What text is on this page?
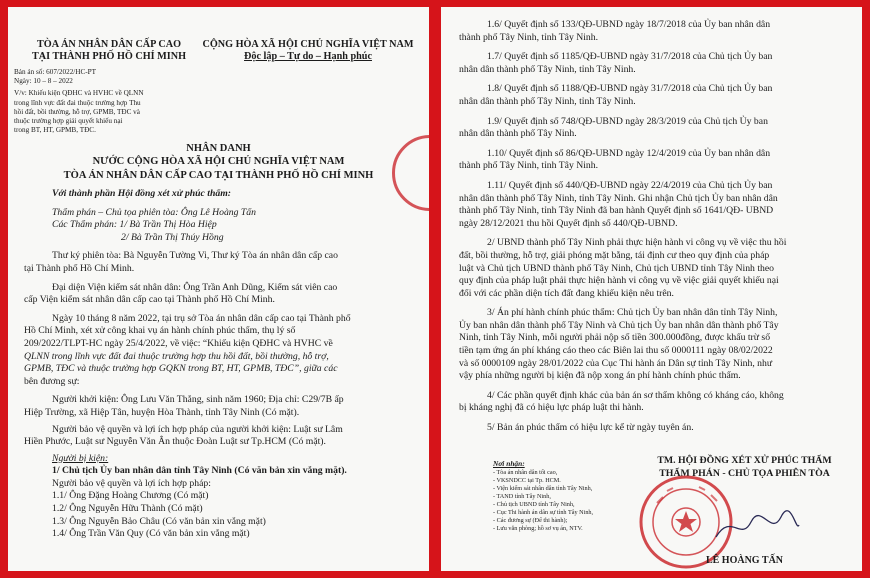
TÒA ÁN NHÂN DÂN CẤP CAO
TẠI THÀNH PHỐ HỒ CHÍ MINH
CỘNG HÒA XÃ HỘI CHỦ NGHĨA VIỆT NAM
Độc lập – Tự do – Hạnh phúc
Bản án số: 607/2022/HC-PT
Ngày: 10 – 8 – 2022
V/v: Khiếu kiện QĐHC và HVHC về QLNN
trong lĩnh vực đất đai thuộc trường hợp Thu
hồi đất, bồi thường, hỗ trợ, GPMB, TĐC và
thuộc trường hợp giải quyết khiếu nại
trong BT, HT, GPMB, TĐC.
NHÂN DANH
NƯỚC CỘNG HÒA XÃ HỘI CHỦ NGHĨA VIỆT NAM
TÒA ÁN NHÂN DÂN CẤP CAO TẠI THÀNH PHỐ HỒ CHÍ MINH
Với thành phần Hội đồng xét xử phúc thẩm:
Thẩm phán – Chủ tọa phiên tòa: Ông Lê Hoàng Tấn
Các Thẩm phán: 1/ Bà Trần Thị Hòa Hiệp
2/ Bà Trần Thị Thúy Hồng
Thư ký phiên tòa: Bà Nguyễn Tường Vi, Thư ký Tòa án nhân dân cấp cao
tại Thành phố Hồ Chí Minh.
Đại diện Viện kiểm sát nhân dân: Ông Trần Anh Dũng, Kiểm sát viên cao
cấp Viện kiểm sát nhân dân cấp cao tại Thành phố Hồ Chí Minh.
Ngày 10 tháng 8 năm 2022, tại trụ sở Tòa án nhân dân cấp cao tại Thành phố
Hồ Chí Minh, xét xử công khai vụ án hành chính phúc thẩm, thụ lý số
209/2022/TLPT-HC ngày 25/4/2022, về việc: “Khiếu kiện QĐHC và HVHC về
QLNN trong lĩnh vực đất đai thuộc trường hợp thu hồi đất, bồi thường, hỗ trợ,
GPMB, TĐC và thuộc trường hợp GQKN trong BT, HT, GPMB, TĐC”, giữa các
bên đương sự:
Người khởi kiện: Ông Lưu Văn Thắng, sinh năm 1960; Địa chỉ: C29/7B ấp
Hiệp Trường, xã Hiệp Tân, huyện Hòa Thành, tỉnh Tây Ninh (Có mặt).
Người bảo vệ quyền và lợi ích hợp pháp của người khởi kiện: Luật sư Lâm
Hiền Phước, Luật sư Nguyễn Văn Ân thuộc Đoàn Luật sư Tp.HCM (Có mặt).
Người bị kiện:
1/ Chủ tịch Ủy ban nhân dân tỉnh Tây Ninh (Có văn bản xin vắng mặt).
Người bảo vệ quyền và lợi ích hợp pháp:
1.1/ Ông Đặng Hoàng Chương (Có mặt)
1.2/ Ông Nguyễn Hữu Thành (Có mặt)
1.3/ Ông Nguyễn Bảo Châu (Có văn bản xin vắng mặt)
1.4/ Ông Trần Văn Quy (Có văn bản xin vắng mặt)
1.6/ Quyết định số 133/QĐ-UBND ngày 18/7/2018 của Ủy ban nhân dân
thành phố Tây Ninh, tỉnh Tây Ninh.
1.7/ Quyết định số 1185/QĐ-UBND ngày 31/7/2018 của Chủ tịch Ủy ban
nhân dân thành phố Tây Ninh, tỉnh Tây Ninh.
1.8/ Quyết định số 1188/QĐ-UBND ngày 31/7/2018 của Chủ tịch Ủy ban
nhân dân thành phố Tây Ninh, tỉnh Tây Ninh.
1.9/ Quyết định số 748/QĐ-UBND ngày 28/3/2019 của Chủ tịch Ủy ban
nhân dân thành phố Tây Ninh.
1.10/ Quyết định số 86/QĐ-UBND ngày 12/4/2019 của Ủy ban nhân dân
thành phố Tây Ninh, tỉnh Tây Ninh.
1.11/ Quyết định số 440/QĐ-UBND ngày 22/4/2019 của Chủ tịch Ủy ban
nhân dân thành phố Tây Ninh, tỉnh Tây Ninh. Ghi nhận Chủ tịch Ủy ban nhân dân
thành phố Tây Ninh, tỉnh Tây Ninh đã ban hành Quyết định số 1641/QĐ- UBND
ngày 28/12/2021 thu hồi Quyết định số 440/QĐ-UBND.
2/ UBND thành phố Tây Ninh phải thực hiện hành vi công vụ về việc thu hồi
đất, bồi thường, hỗ trợ, giải phóng mặt bằng, tái định cư theo quy định của pháp
luật và Chủ tịch UBND thành phố Tây Ninh, Chủ tịch UBND tỉnh Tây Ninh theo
quy định của pháp luật phải thực hiện hành vi công vụ về việc giải quyết khiếu nại
đối với các phần diện tích đất đang khiếu kiện nêu trên.
3/ Án phí hành chính phúc thẩm: Chủ tịch Ủy ban nhân dân tỉnh Tây Ninh,
Ủy ban nhân dân thành phố Tây Ninh và Chủ tịch Ủy ban nhân dân thành phố Tây
Ninh, tỉnh Tây Ninh, mỗi người phải nộp số tiền 300.000đồng, được khấu trừ số
tiền tạm ứng án phí kháng cáo theo các Biên lai thu số 0000111 ngày 08/02/2022
và số 0000109 ngày 28/01/2022 của Cục Thi hành án Dân sự tỉnh Tây Ninh, như
vậy phía những người bị kiện đã nộp xong án phí hành chính phúc thẩm.
4/ Các phần quyết định khác của bản án sơ thẩm không có kháng cáo, không
bị kháng nghị đã có hiệu lực pháp luật thi hành.
5/ Bản án phúc thẩm có hiệu lực kể từ ngày tuyên án.
Nơi nhận:
- Tòa án nhân dân tối cao,
- VKSNDCC tại Tp. HCM.
- Viện kiểm sát nhân dân tỉnh Tây Ninh,
- TAND tỉnh Tây Ninh,
- Chủ tịch UBND tỉnh Tây Ninh,
- Cục Thi hành án dân sự tỉnh Tây Ninh,
- Các đương sự (Để thi hành);
- Lưu văn phòng; hồ sơ vụ án, NTV.
TM. HỘI ĐỒNG XÉT XỬ PHÚC THẨM
THẨM PHÁN - CHỦ TỌA PHIÊN TÒA
LÊ HOÀNG TẤN
